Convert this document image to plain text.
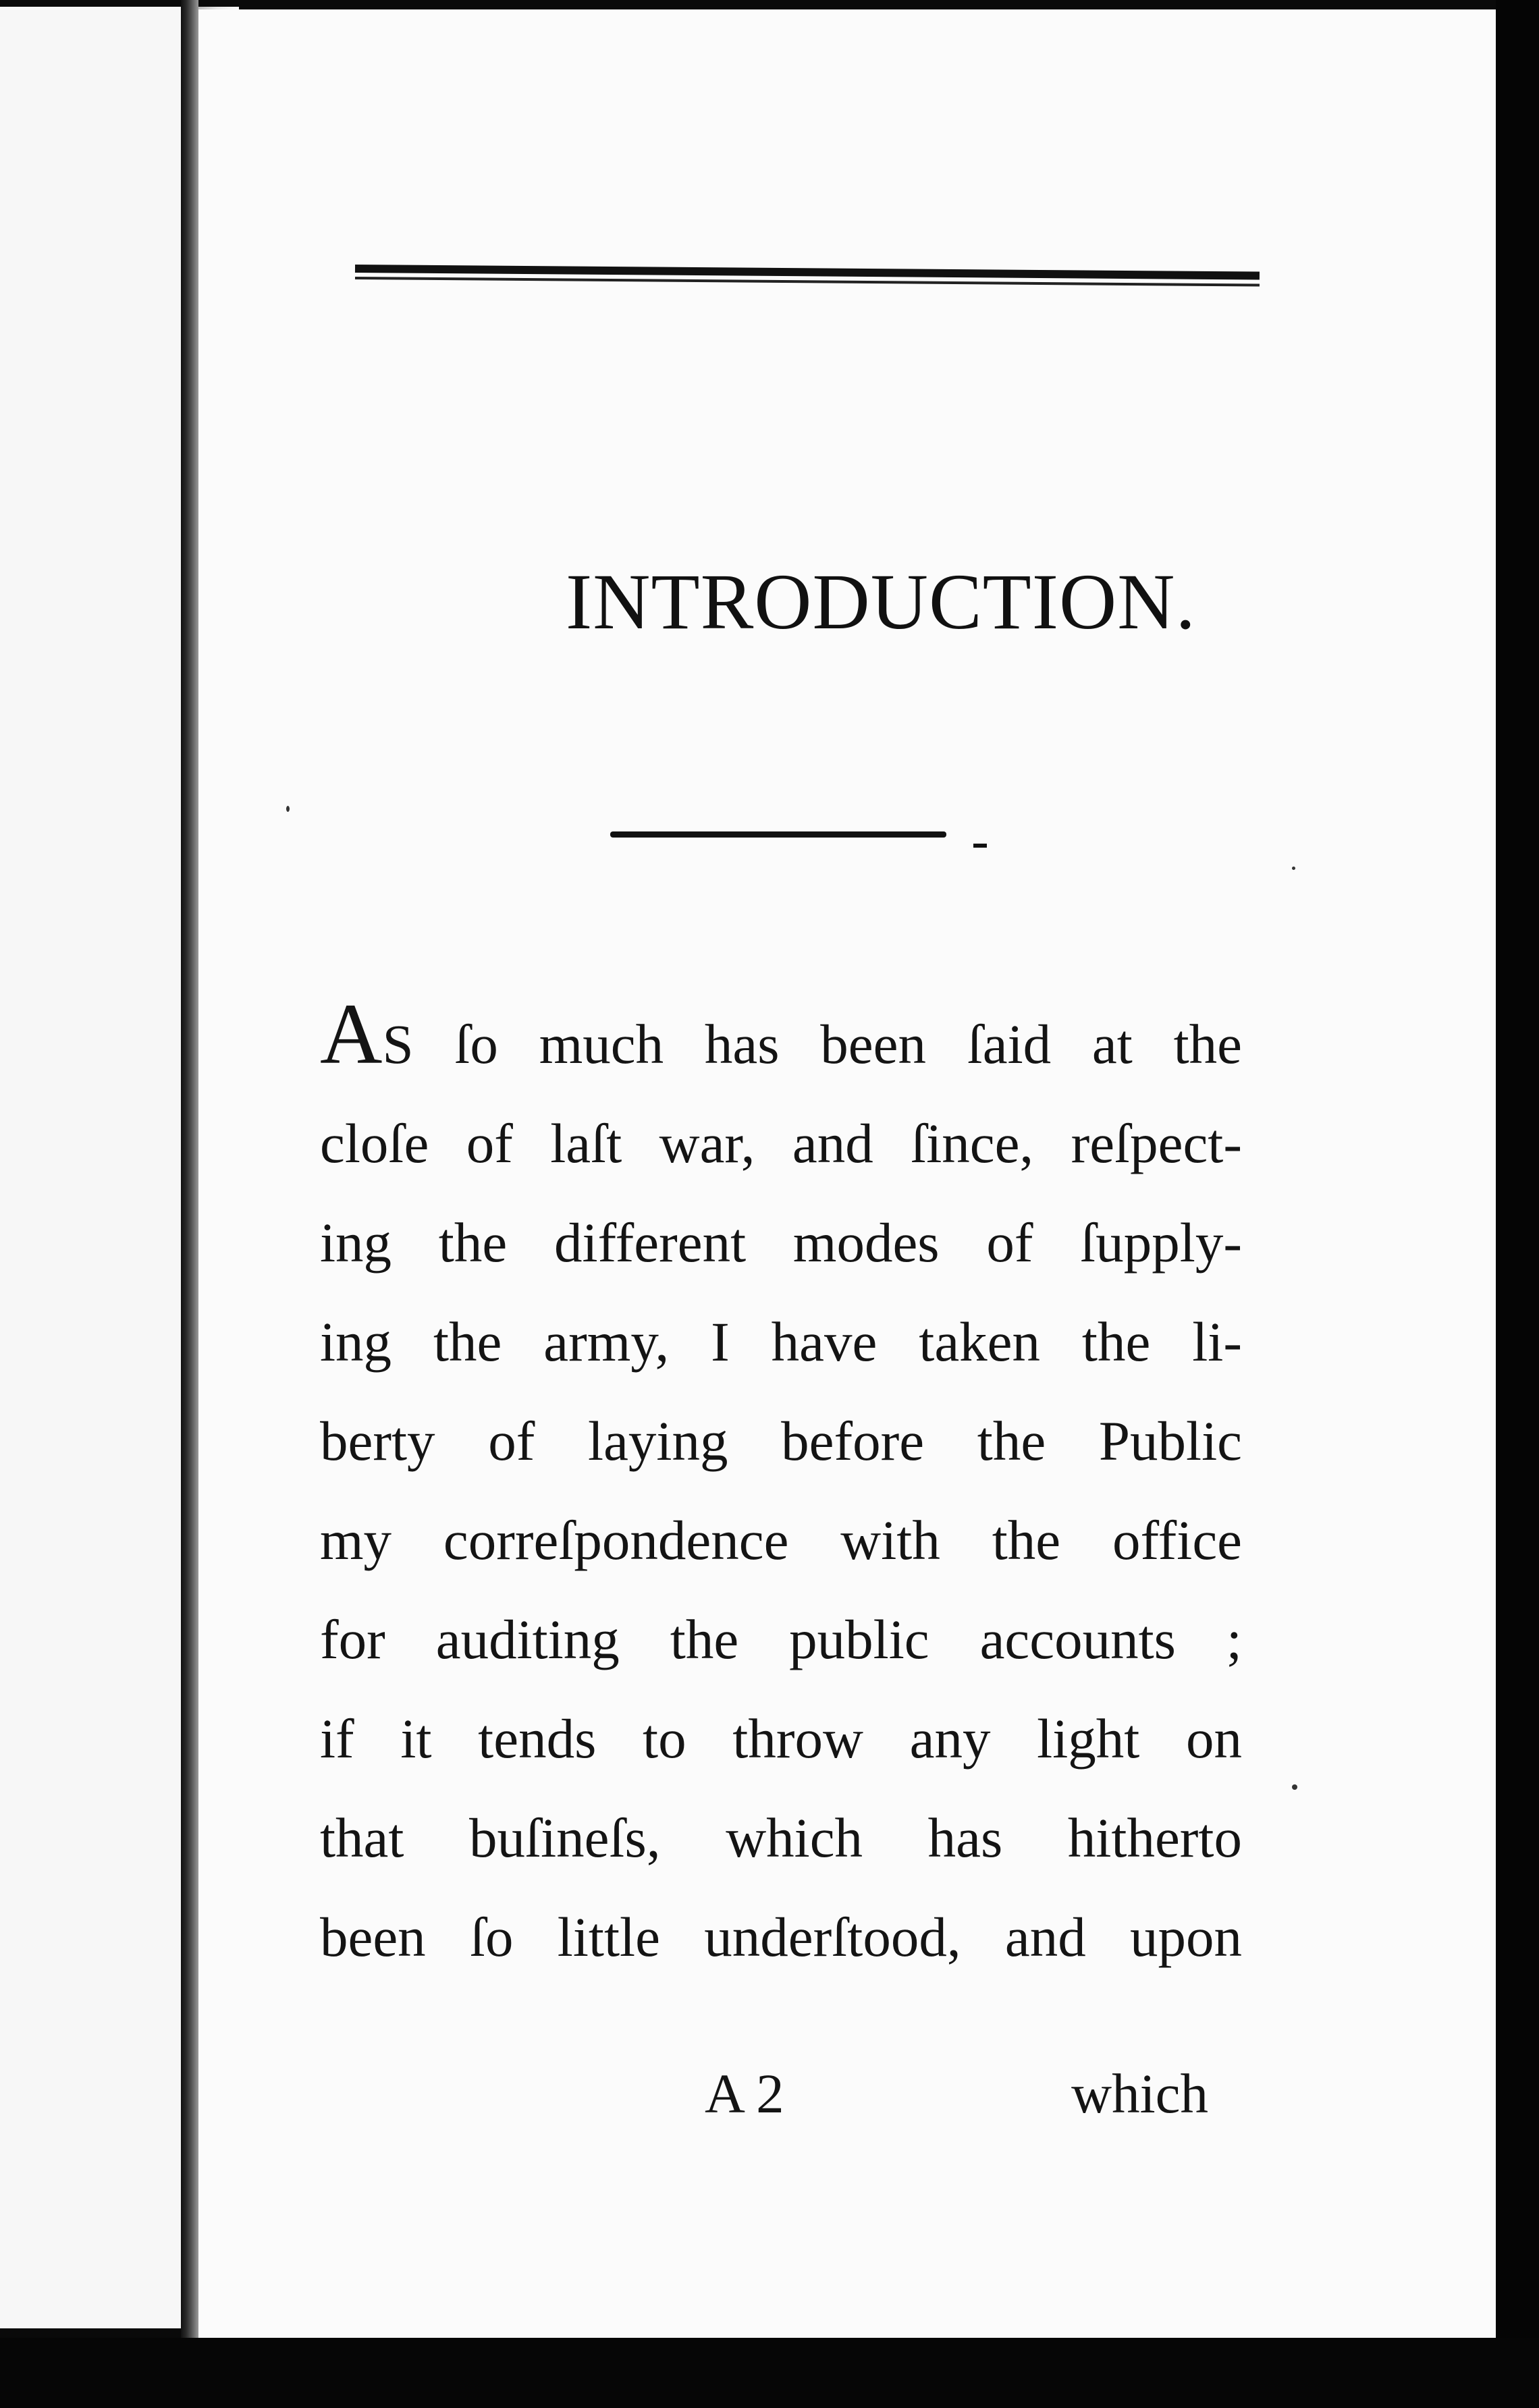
INTRODUCTION.
AS ſo much has been ſaid at the
cloſe of laſt war, and ſince, reſpect-
ing the different modes of ſupply-
ing the army, I have taken the li-
berty of laying before the Public
my correſpondence with the office
for auditing the public accounts ;
if it tends to throw any light on
that buſineſs, which has hitherto
been ſo little underſtood, and upon
A 2	which
